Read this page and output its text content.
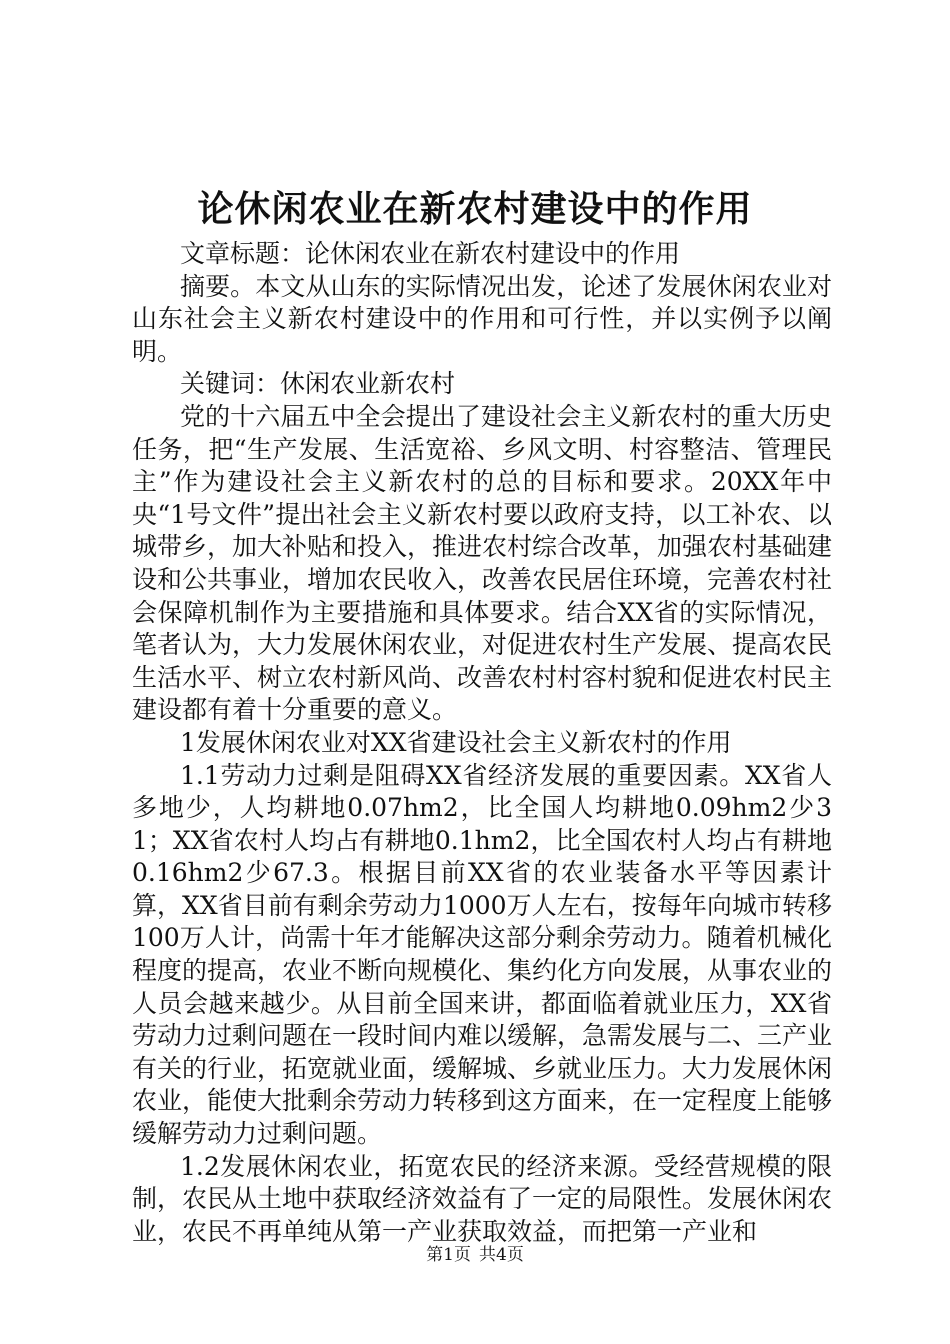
论休闲农业在新农村建设中的作用

文章标题：论休闲农业在新农村建设中的作用

摘要。本文从山东的实际情况出发，论述了发展休闲农业对山东社会主义新农村建设中的作用和可行性，并以实例予以阐明。

关键词：休闲农业新农村

党的十六届五中全会提出了建设社会主义新农村的重大历史任务，把“生产发展、生活宽裕、乡风文明、村容整洁、管理民主”作为建设社会主义新农村的总的目标和要求。20XX年中央“1号文件”提出社会主义新农村要以政府支持，以工补农、以城带乡，加大补贴和投入，推进农村综合改革，加强农村基础建设和公共事业，增加农民收入，改善农民居住环境，完善农村社会保障机制作为主要措施和具体要求。结合XX省的实际情况，笔者认为，大力发展休闲农业，对促进农村生产发展、提高农民生活水平、树立农村新风尚、改善农村村容村貌和促进农村民主建设都有着十分重要的意义。

1发展休闲农业对XX省建设社会主义新农村的作用

1.1劳动力过剩是阻碍XX省经济发展的重要因素。XX省人多地少，人均耕地0.07hm2，比全国人均耕地0.09hm2少31；XX省农村人均占有耕地0.1hm2，比全国农村人均占有耕地0.16hm2少67.3。根据目前XX省的农业装备水平等因素计算，XX省目前有剩余劳动力1000万人左右，按每年向城市转移100万人计，尚需十年才能解决这部分剩余劳动力。随着机械化程度的提高，农业不断向规模化、集约化方向发展，从事农业的人员会越来越少。从目前全国来讲，都面临着就业压力，XX省劳动力过剩问题在一段时间内难以缓解，急需发展与二、三产业有关的行业，拓宽就业面，缓解城、乡就业压力。大力发展休闲农业，能使大批剩余劳动力转移到这方面来，在一定程度上能够缓解劳动力过剩问题。

1.2发展休闲农业，拓宽农民的经济来源。受经营规模的限制，农民从土地中获取经济效益有了一定的局限性。发展休闲农业，农民不再单纯从第一产业获取效益，而把第一产业和

第1页 共4页
